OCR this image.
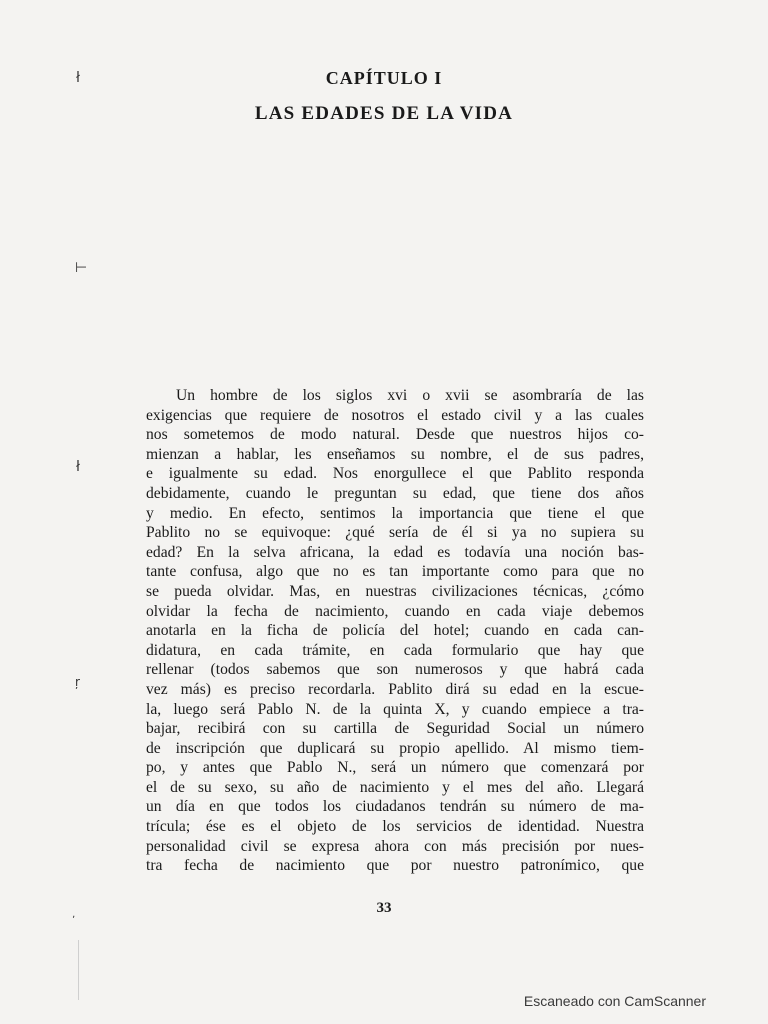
ł
⊢
ł
ŗ
ʼ
CAPÍTULO I
LAS EDADES DE LA VIDA
Un hombre de los siglos xvi o xvii se asombraría de las
exigencias que requiere de nosotros el estado civil y a las cuales
nos sometemos de modo natural. Desde que nuestros hijos co-
mienzan a hablar, les enseñamos su nombre, el de sus padres,
e igualmente su edad. Nos enorgullece el que Pablito responda
debidamente, cuando le preguntan su edad, que tiene dos años
y medio. En efecto, sentimos la importancia que tiene el que
Pablito no se equivoque: ¿qué sería de él si ya no supiera su
edad? En la selva africana, la edad es todavía una noción bas-
tante confusa, algo que no es tan importante como para que no
se pueda olvidar. Mas, en nuestras civilizaciones técnicas, ¿cómo
olvidar la fecha de nacimiento, cuando en cada viaje debemos
anotarla en la ficha de policía del hotel; cuando en cada can-
didatura, en cada trámite, en cada formulario que hay que
rellenar (todos sabemos que son numerosos y que habrá cada
vez más) es preciso recordarla. Pablito dirá su edad en la escue-
la, luego será Pablo N. de la quinta X, y cuando empiece a tra-
bajar, recibirá con su cartilla de Seguridad Social un número
de inscripción que duplicará su propio apellido. Al mismo tiem-
po, y antes que Pablo N., será un número que comenzará por
el de su sexo, su año de nacimiento y el mes del año. Llegará
un día en que todos los ciudadanos tendrán su número de ma-
trícula; ése es el objeto de los servicios de identidad. Nuestra
personalidad civil se expresa ahora con más precisión por nues-
tra fecha de nacimiento que por nuestro patronímico, que
33
Escaneado con CamScanner
